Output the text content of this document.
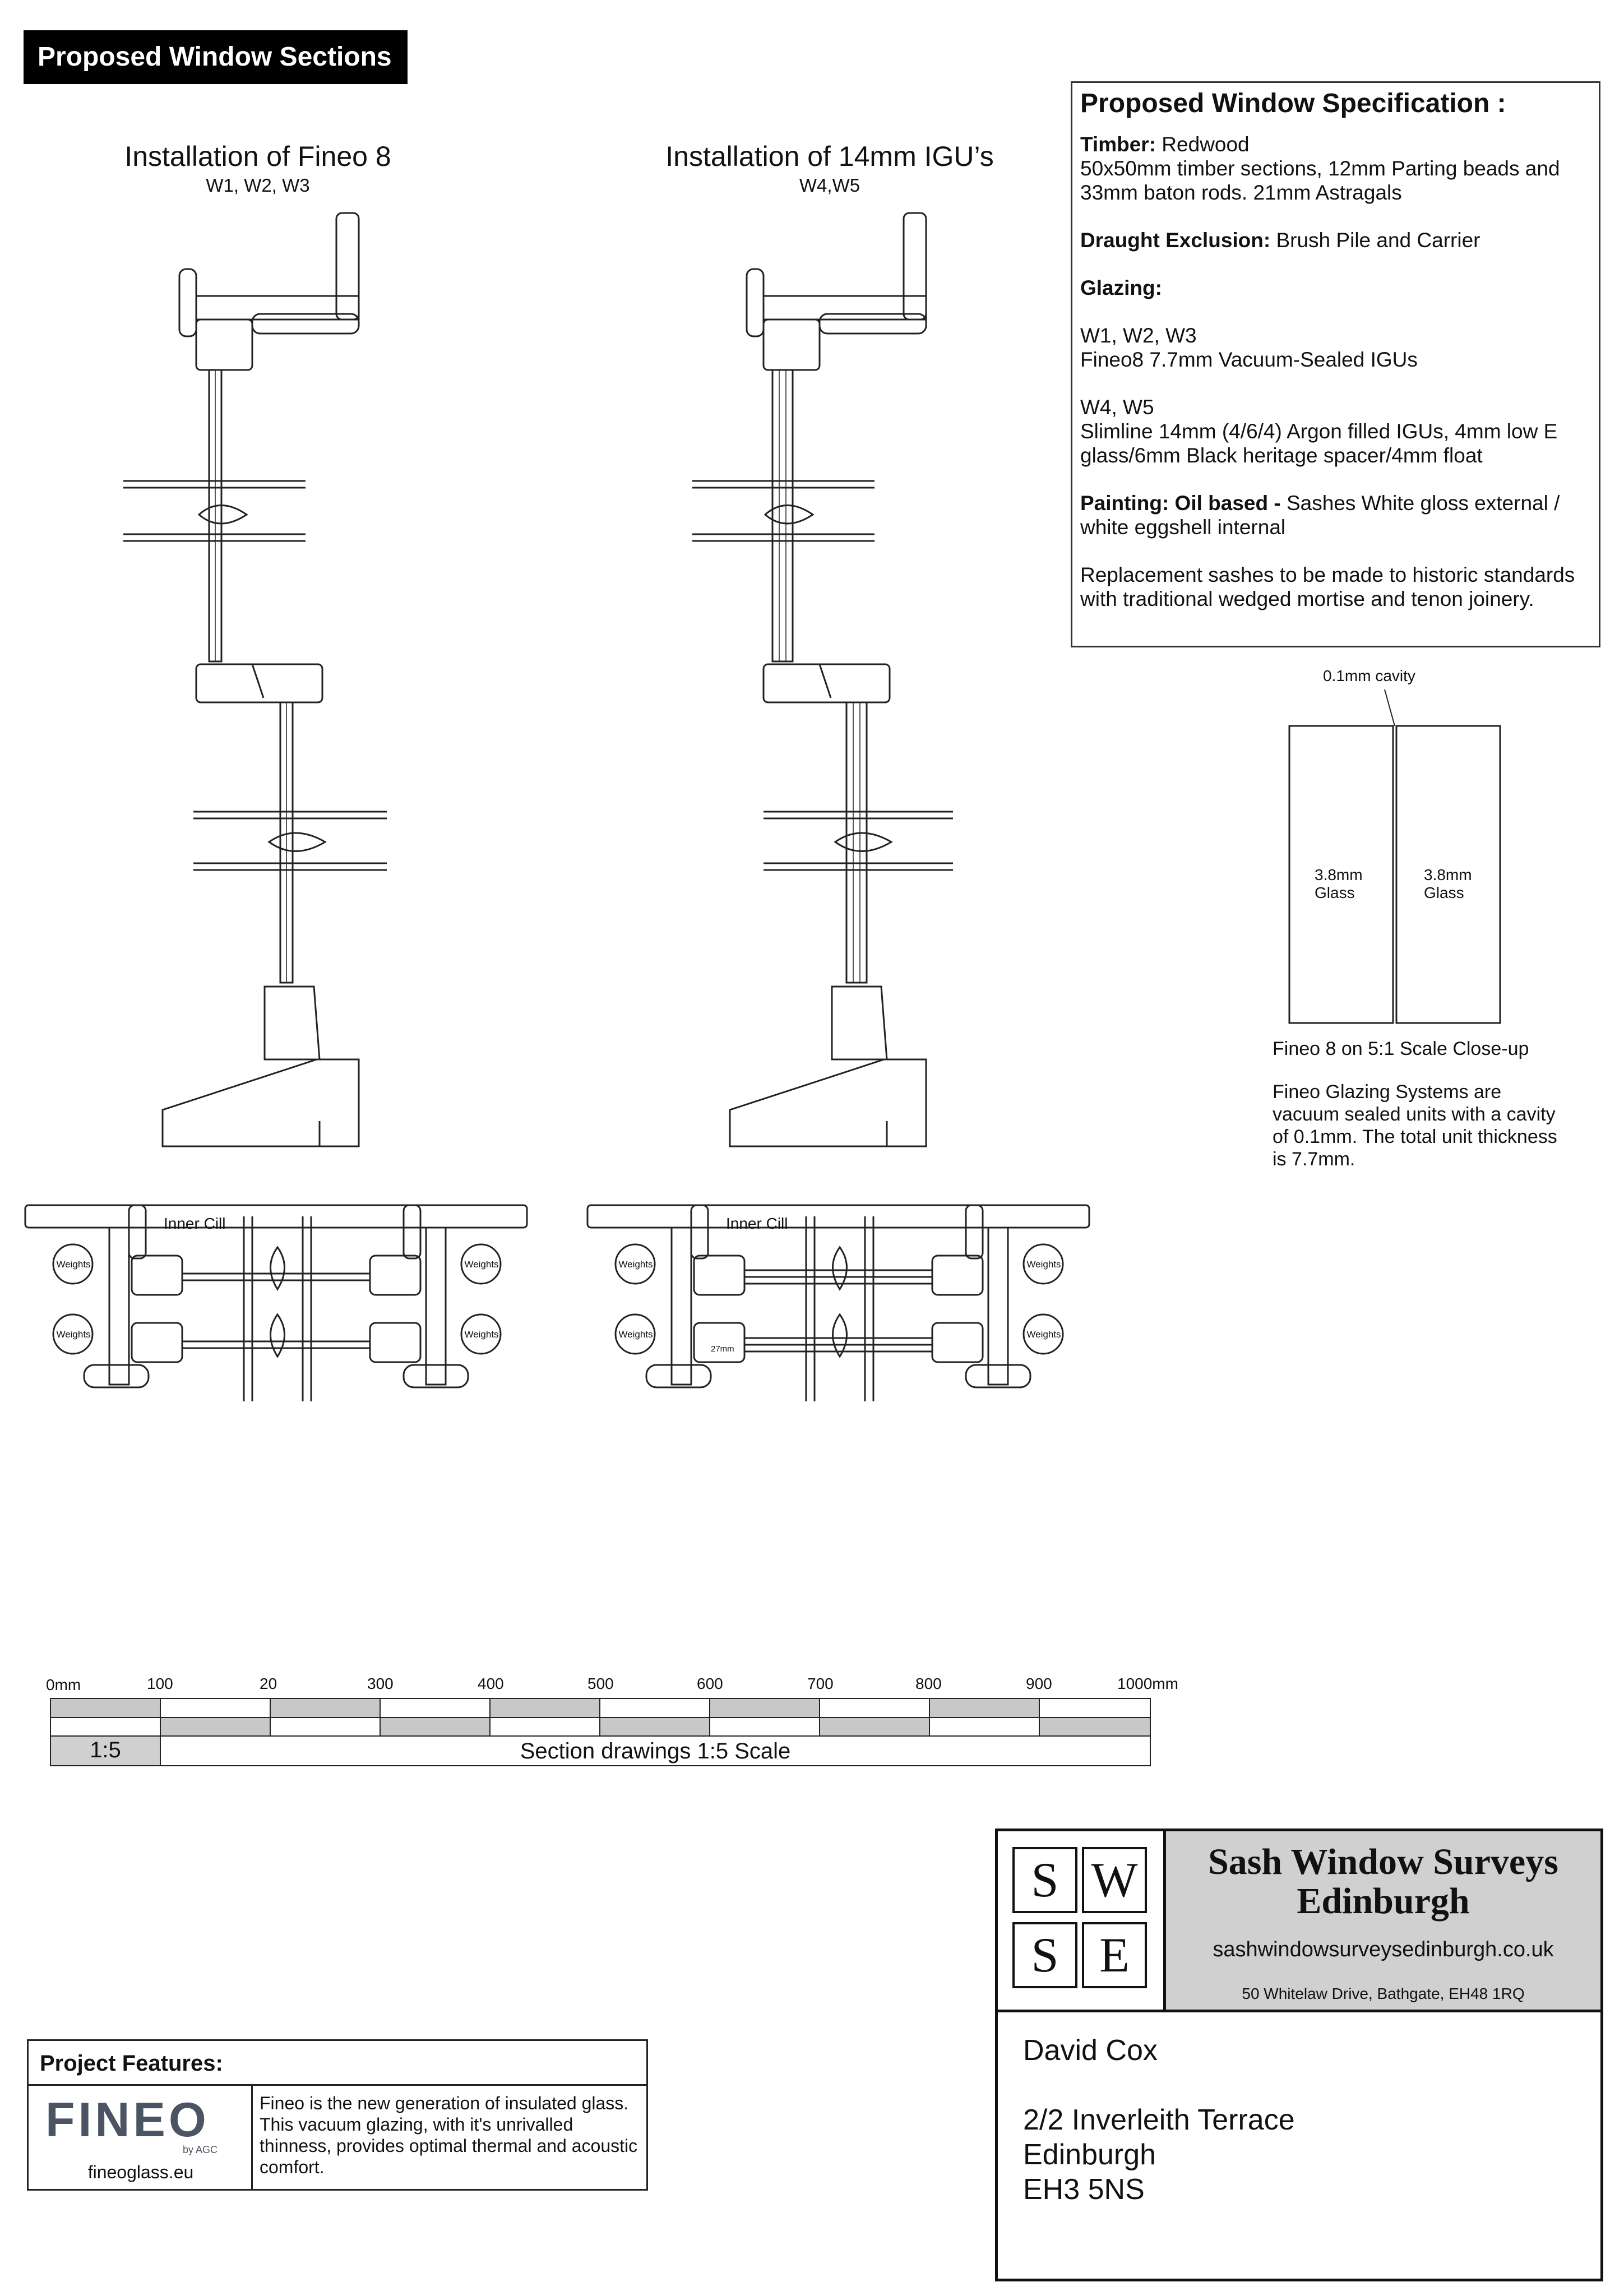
Proposed Window Sections
Installation of Fineo 8
W1, W2, W3
Installation of 14mm IGU’s
W4,W5
Proposed Window Specification :

Timber: Redwood
50x50mm timber sections, 12mm Parting beads and 33mm baton rods. 21mm Astragals

Draught Exclusion: Brush Pile and Carrier

Glazing:

W1, W2, W3
Fineo8 7.7mm Vacuum-Sealed IGUs

W4, W5
Slimline 14mm (4/6/4) Argon filled IGUs, 4mm low E glass/6mm Black heritage spacer/4mm float

Painting: Oil based - Sashes White gloss external / white eggshell internal

Replacement sashes to be made to historic standards with traditional wedged mortise and tenon joinery.

0.1mm cavity
3.8mm
Glass
3.8mm
Glass
Fineo 8 on 5:1 Scale Close-up
Fineo Glazing Systems are vacuum sealed units with a cavity of 0.1mm. The total unit thickness is 7.7mm.
Inner Cill	Inner Cill
Weights
Weights
Weights
Weights
Weights
Weights
Weights
Weights
27mm
0mm	100	20	300	400	500	600	700	800	900	1000mm
1:5	Section drawings 1:5 Scale
Project Features:
FINEO
by AGC
fineoglass.eu
Fineo is the new generation of insulated glass. This vacuum glazing, with it's unrivalled thinness, provides optimal thermal and acoustic comfort.
S W
S E
Sash Window Surveys
Edinburgh
sashwindowsurveysedinburgh.co.uk
50 Whitelaw Drive, Bathgate, EH48 1RQ
David Cox
2/2 Inverleith Terrace
Edinburgh
EH3 5NS
